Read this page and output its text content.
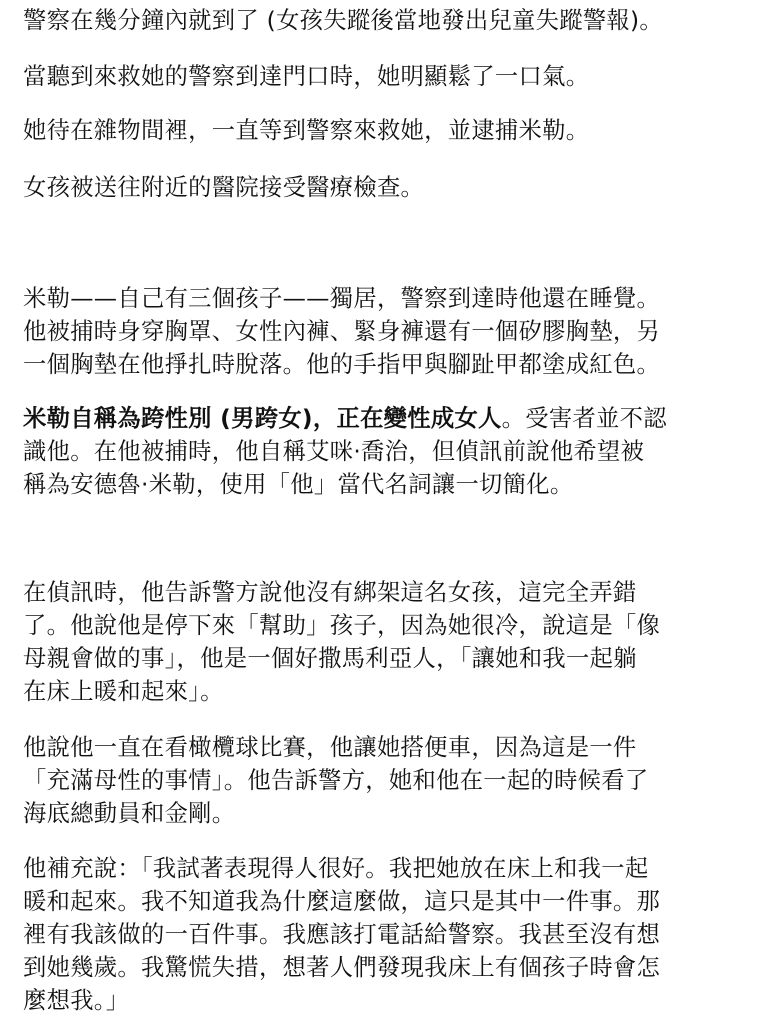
警察在幾分鐘內就到了 (女孩失蹤後當地發出兒童失蹤警報)。

當聽到來救她的警察到達門口時，她明顯鬆了一口氣。

她待在雜物間裡，一直等到警察來救她，並逮捕米勒。

女孩被送往附近的醫院接受醫療檢查。

米勒——自己有三個孩子——獨居，警察到達時他還在睡覺。
他被捕時身穿胸罩、女性內褲、緊身褲還有一個矽膠胸墊，另
一個胸墊在他掙扎時脫落。他的手指甲與腳趾甲都塗成紅色。

米勒自稱為跨性別 (男跨女)，正在變性成女人。受害者並不認
識他。在他被捕時，他自稱艾咪·喬治，但偵訊前說他希望被
稱為安德魯·米勒，使用「他」當代名詞讓一切簡化。

在偵訊時，他告訴警方說他沒有綁架這名女孩，這完全弄錯
了。他說他是停下來「幫助」孩子，因為她很冷，說這是「像
母親會做的事」，他是一個好撒馬利亞人，「讓她和我一起躺
在床上暖和起來」。

他說他一直在看橄欖球比賽，他讓她搭便車，因為這是一件
「充滿母性的事情」。他告訴警方，她和他在一起的時候看了
海底總動員和金剛。

他補充說：「我試著表現得人很好。我把她放在床上和我一起
暖和起來。我不知道我為什麼這麼做，這只是其中一件事。那
裡有我該做的一百件事。我應該打電話給警察。我甚至沒有想
到她幾歲。我驚慌失措，想著人們發現我床上有個孩子時會怎
麼想我。」
